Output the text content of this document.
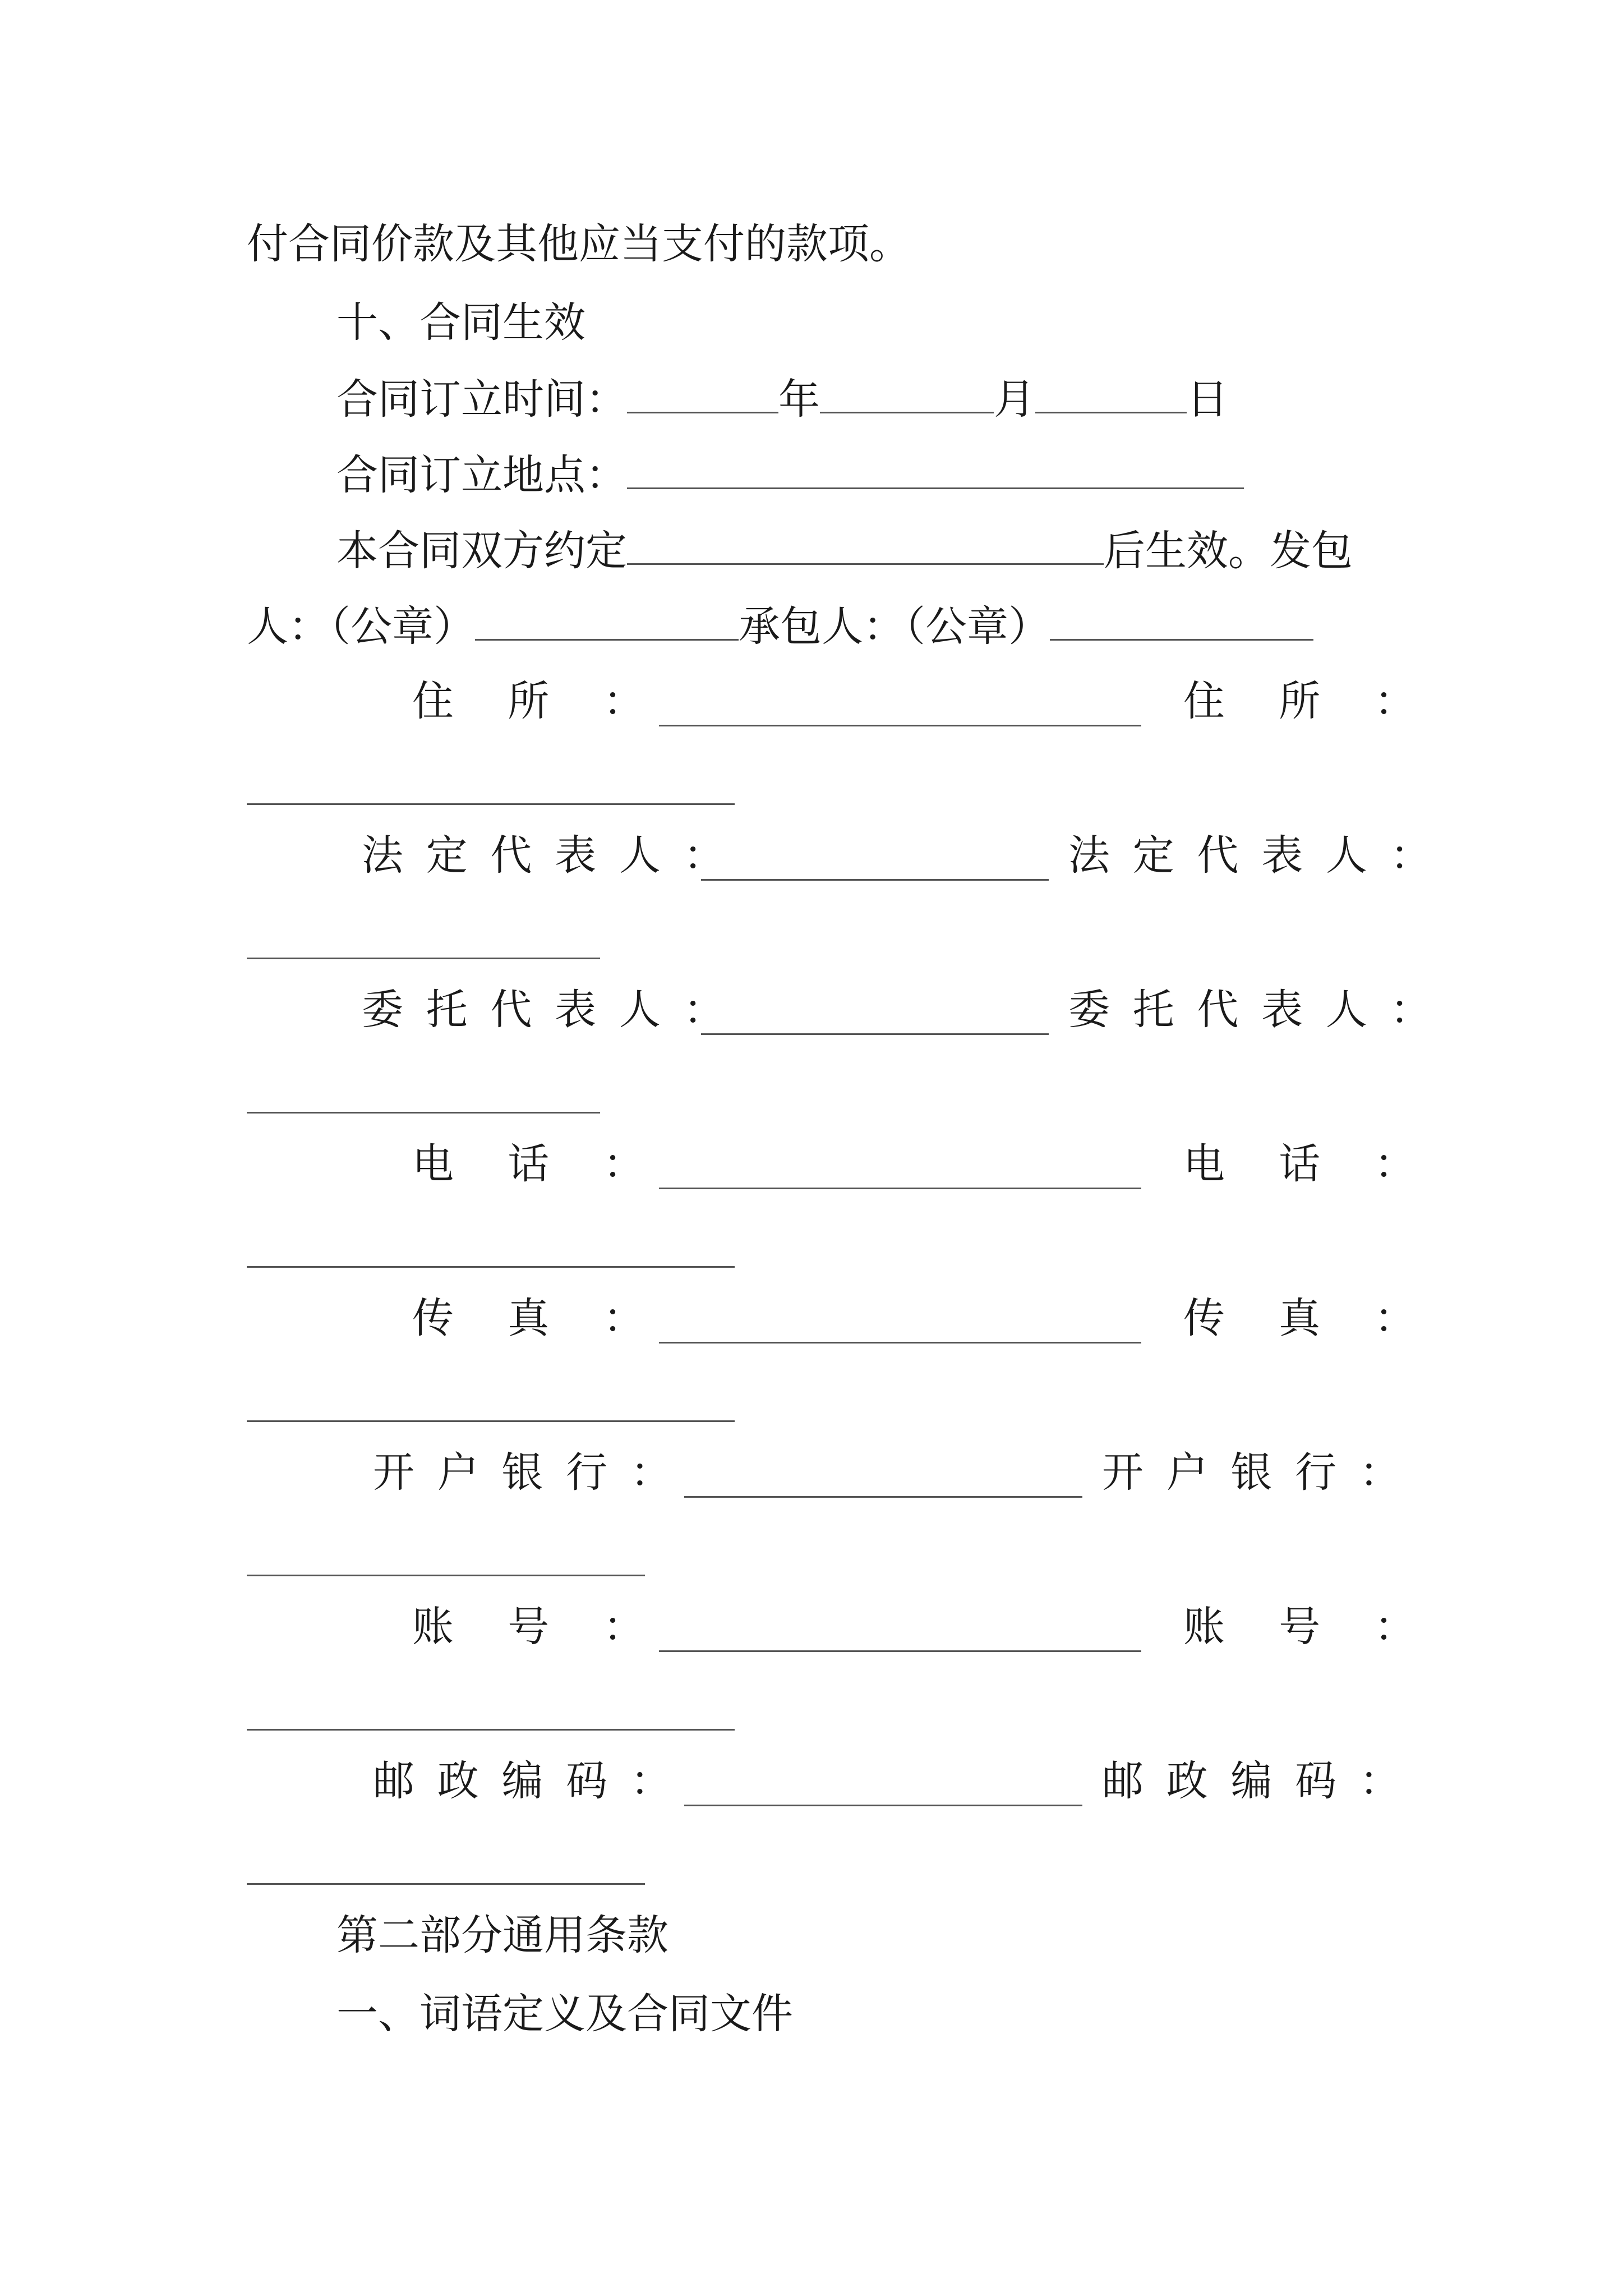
付合同价款及其他应当支付的款项。
十、合同生效
合同订立时间：	年	月	日
合同订立地点：
本合同双方约定	后生效。发包
人：（公章）	承包人：（公章）
住所：	住所：
法定代表人：	法定代表人：
委托代表人：	委托代表人：
电话：	电话：
传真：	传真：
开户银行：	开户银行：
账号：	账号：
邮政编码：	邮政编码：
第二部分通用条款
一、词语定义及合同文件
